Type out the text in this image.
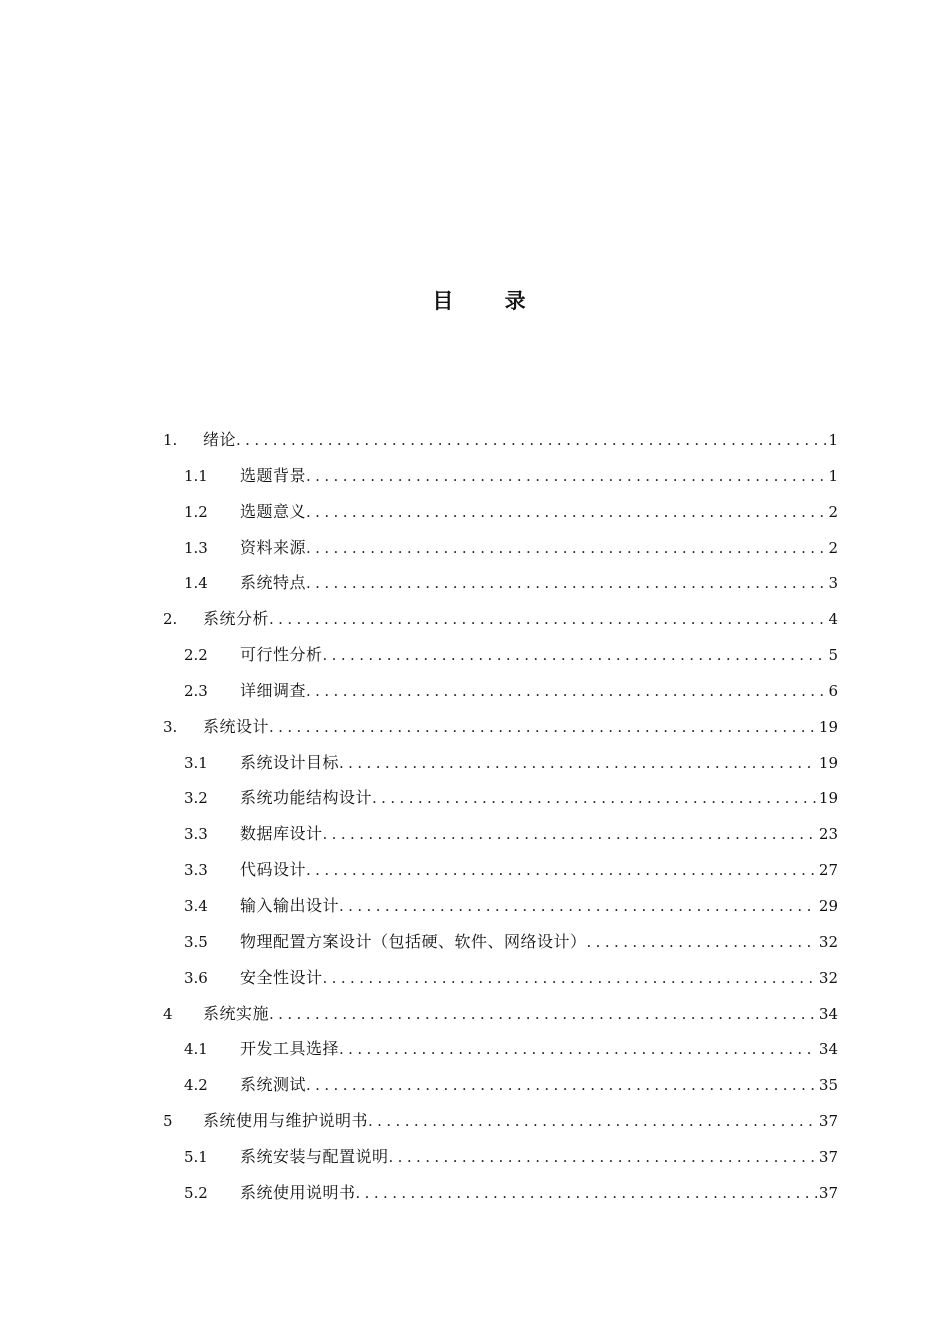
目 录
1.	绪论 .....	1
1.1	选题背景 .....	1
1.2	选题意义 .....	2
1.3	资料来源 .....	2
1.4	系统特点 .....	3
2.	系统分析 .....	4
2.2	可行性分析 .....	5
2.3	详细调查 .....	6
3.	系统设计 .....	19
3.1	系统设计目标 .....	19
3.2	系统功能结构设计 .....	19
3.3	数据库设计 .....	23
3.3	代码设计 .....	27
3.4	输入输出设计 .....	29
3.5	物理配置方案设计（包括硬、软件、网络设计） .....	32
3.6	安全性设计 .....	32
4	系统实施 .....	34
4.1	开发工具选择 .....	34
4.2	系统测试 .....	35
5	系统使用与维护说明书 .....	37
5.1	系统安装与配置说明 .....	37
5.2	系统使用说明书 .....	37
